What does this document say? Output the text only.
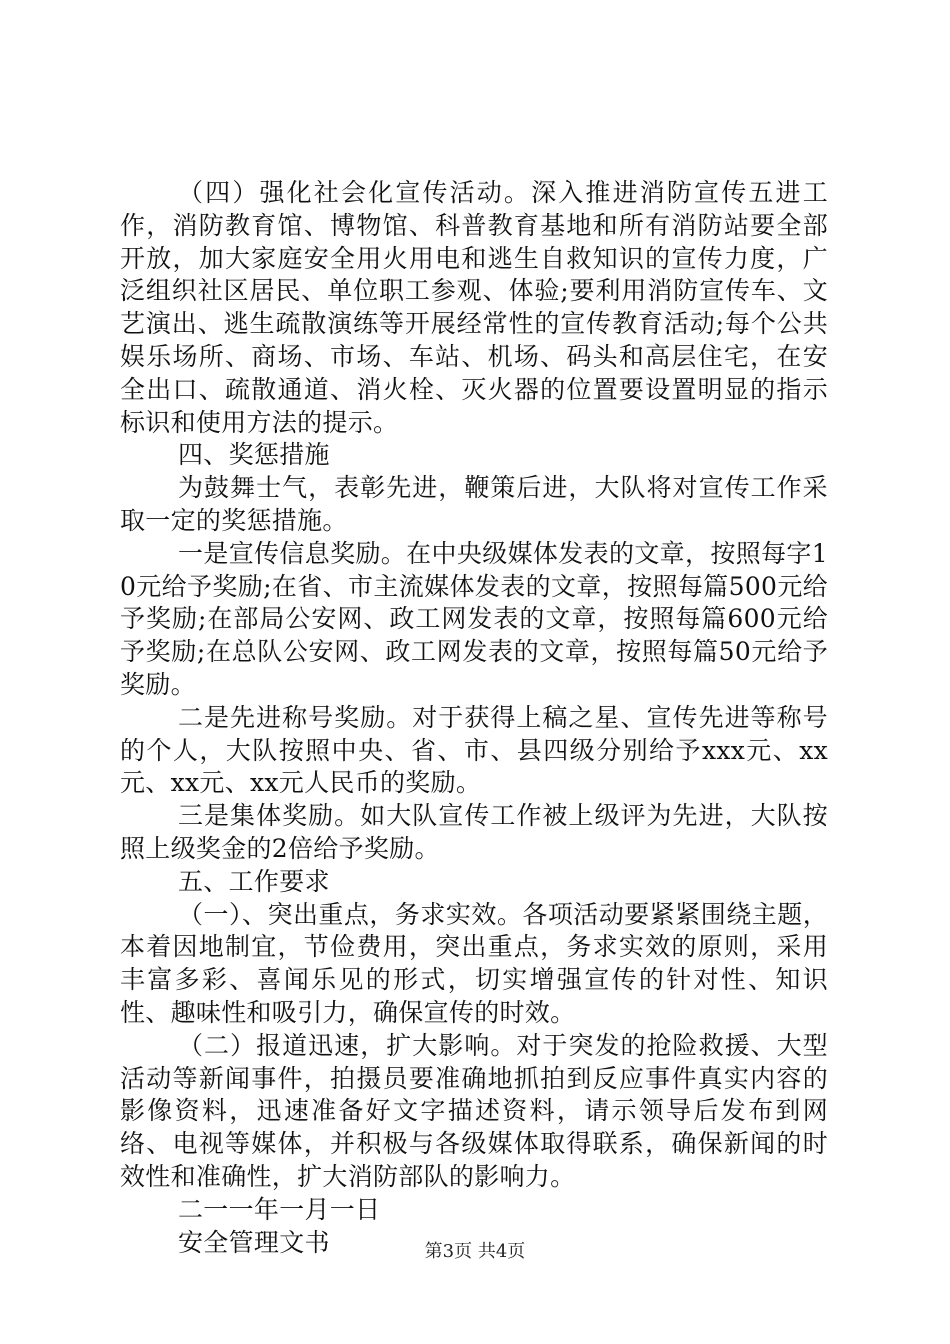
（四）强化社会化宣传活动。深入推进消防宣传五进工作，消防教育馆、博物馆、科普教育基地和所有消防站要全部开放，加大家庭安全用火用电和逃生自救知识的宣传力度，广泛组织社区居民、单位职工参观、体验;要利用消防宣传车、文艺演出、逃生疏散演练等开展经常性的宣传教育活动;每个公共娱乐场所、商场、市场、车站、机场、码头和高层住宅，在安全出口、疏散通道、消火栓、灭火器的位置要设置明显的指示标识和使用方法的提示。

四、奖惩措施

为鼓舞士气，表彰先进，鞭策后进，大队将对宣传工作采取一定的奖惩措施。

一是宣传信息奖励。在中央级媒体发表的文章，按照每字10元给予奖励;在省、市主流媒体发表的文章，按照每篇500元给予奖励;在部局公安网、政工网发表的文章，按照每篇600元给予奖励;在总队公安网、政工网发表的文章，按照每篇50元给予奖励。

二是先进称号奖励。对于获得上稿之星、宣传先进等称号的个人，大队按照中央、省、市、县四级分别给予xxx元、xx元、xx元、xx元人民币的奖励。

三是集体奖励。如大队宣传工作被上级评为先进，大队按照上级奖金的2倍给予奖励。

五、工作要求

（一）、突出重点，务求实效。各项活动要紧紧围绕主题，本着因地制宜，节俭费用，突出重点，务求实效的原则，采用丰富多彩、喜闻乐见的形式，切实增强宣传的针对性、知识性、趣味性和吸引力，确保宣传的时效。

（二）报道迅速，扩大影响。对于突发的抢险救援、大型活动等新闻事件，拍摄员要准确地抓拍到反应事件真实内容的影像资料，迅速准备好文字描述资料，请示领导后发布到网络、电视等媒体，并积极与各级媒体取得联系，确保新闻的时效性和准确性，扩大消防部队的影响力。

二一一年一月一日

安全管理文书	第3页 共4页
